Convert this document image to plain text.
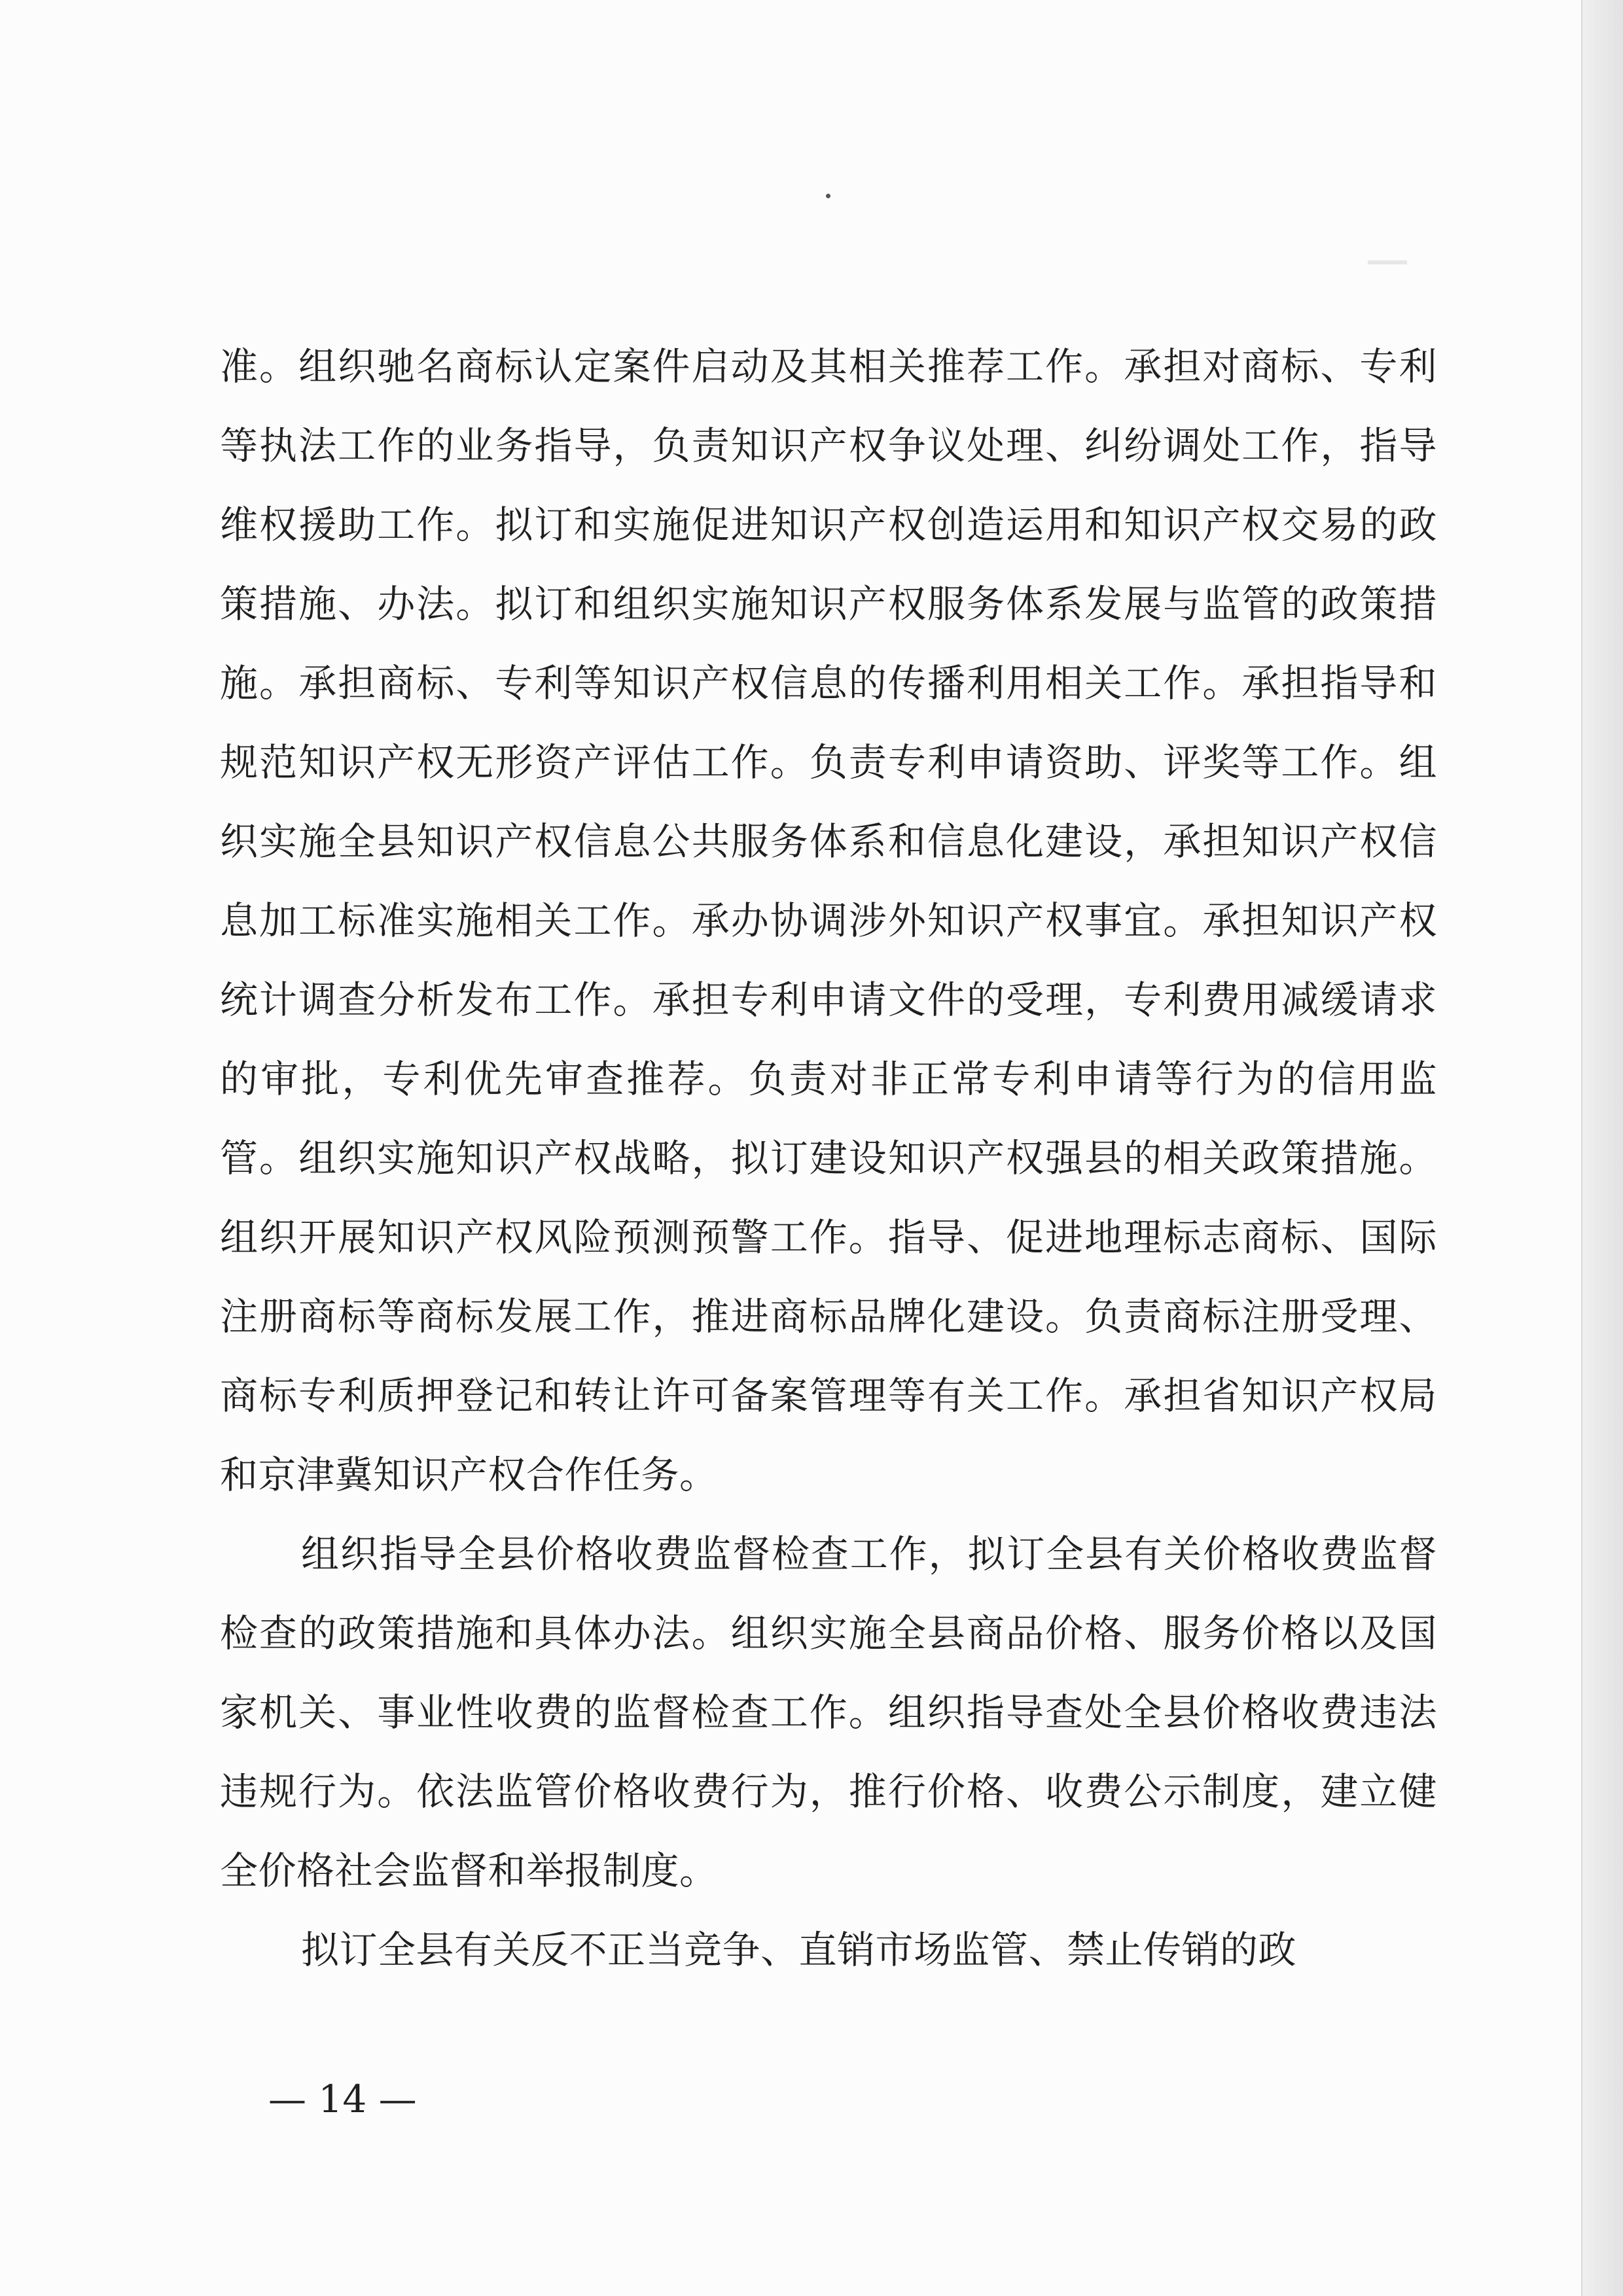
准。组织驰名商标认定案件启动及其相关推荐工作。承担对商标、专利等执法工作的业务指导，负责知识产权争议处理、纠纷调处工作，指导维权援助工作。拟订和实施促进知识产权创造运用和知识产权交易的政策措施、办法。拟订和组织实施知识产权服务体系发展与监管的政策措施。承担商标、专利等知识产权信息的传播利用相关工作。承担指导和规范知识产权无形资产评估工作。负责专利申请资助、评奖等工作。组织实施全县知识产权信息公共服务体系和信息化建设，承担知识产权信息加工标准实施相关工作。承办协调涉外知识产权事宜。承担知识产权统计调查分析发布工作。承担专利申请文件的受理，专利费用减缓请求的审批，专利优先审查推荐。负责对非正常专利申请等行为的信用监管。组织实施知识产权战略，拟订建设知识产权强县的相关政策措施。组织开展知识产权风险预测预警工作。指导、促进地理标志商标、国际注册商标等商标发展工作，推进商标品牌化建设。负责商标注册受理、商标专利质押登记和转让许可备案管理等有关工作。承担省知识产权局和京津冀知识产权合作任务。

组织指导全县价格收费监督检查工作，拟订全县有关价格收费监督检查的政策措施和具体办法。组织实施全县商品价格、服务价格以及国家机关、事业性收费的监督检查工作。组织指导查处全县价格收费违法违规行为。依法监管价格收费行为，推行价格、收费公示制度，建立健全价格社会监督和举报制度。

拟订全县有关反不正当竞争、直销市场监管、禁止传销的政

— 14 —
